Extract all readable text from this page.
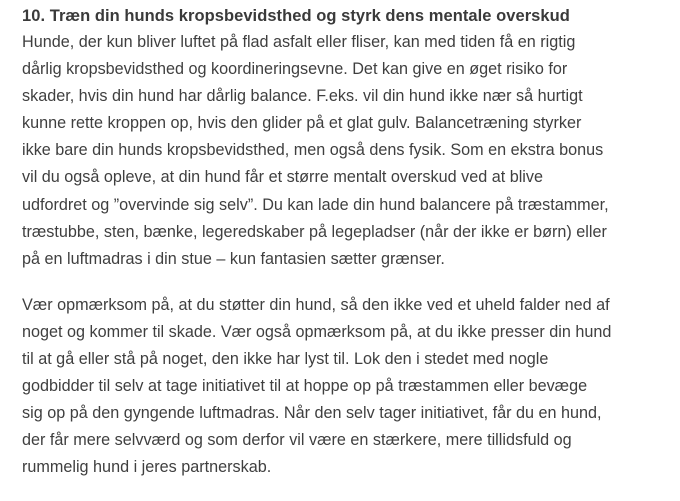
10. Træn din hunds kropsbevidsthed og styrk dens mentale overskud

Hunde, der kun bliver luftet på flad asfalt eller fliser, kan med tiden få en rigtig
dårlig kropsbevidsthed og koordineringsevne. Det kan give en øget risiko for
skader, hvis din hund har dårlig balance. F.eks. vil din hund ikke nær så hurtigt
kunne rette kroppen op, hvis den glider på et glat gulv. Balancetræning styrker
ikke bare din hunds kropsbevidsthed, men også dens fysik. Som en ekstra bonus
vil du også opleve, at din hund får et større mentalt overskud ved at blive
udfordret og ”overvinde sig selv”. Du kan lade din hund balancere på træstammer,
træstubbe, sten, bænke, legeredskaber på legepladser (når der ikke er børn) eller
på en luftmadras i din stue – kun fantasien sætter grænser.

Vær opmærksom på, at du støtter din hund, så den ikke ved et uheld falder ned af
noget og kommer til skade. Vær også opmærksom på, at du ikke presser din hund
til at gå eller stå på noget, den ikke har lyst til. Lok den i stedet med nogle
godbidder til selv at tage initiativet til at hoppe op på træstammen eller bevæge
sig op på den gyngende luftmadras. Når den selv tager initiativet, får du en hund,
der får mere selvværd og som derfor vil være en stærkere, mere tillidsfuld og
rummelig hund i jeres partnerskab.
